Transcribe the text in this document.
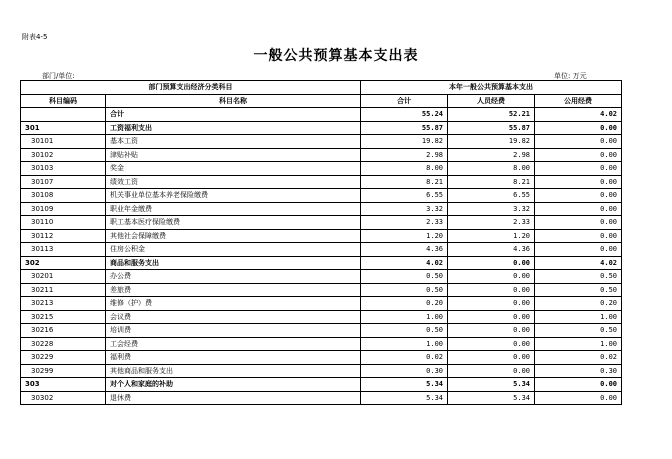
附表4-5
一般公共预算基本支出表
部门/单位:	单位: 万元
部门预算支出经济分类科目		本年一般公共预算基本支出		
科目编码	科目名称	合计	人员经费	公用经费
	合计	55.24	52.21	4.02
301	工资福利支出	55.87	55.87	0.00
30101	基本工资	19.82	19.82	0.00
30102	津贴补贴	2.98	2.98	0.00
30103	奖金	8.00	8.00	0.00
30107	绩效工资	8.21	8.21	0.00
30108	机关事业单位基本养老保险缴费	6.55	6.55	0.00
30109	职业年金缴费	3.32	3.32	0.00
30110	职工基本医疗保险缴费	2.33	2.33	0.00
30112	其他社会保障缴费	1.20	1.20	0.00
30113	住房公积金	4.36	4.36	0.00
302	商品和服务支出	4.02	0.00	4.02
30201	办公费	0.50	0.00	0.50
30211	差旅费	0.50	0.00	0.50
30213	维修（护）费	0.20	0.00	0.20
30215	会议费	1.00	0.00	1.00
30216	培训费	0.50	0.00	0.50
30228	工会经费	1.00	0.00	1.00
30229	福利费	0.02	0.00	0.02
30299	其他商品和服务支出	0.30	0.00	0.30
303	对个人和家庭的补助	5.34	5.34	0.00
30302	退休费	5.34	5.34	0.00
